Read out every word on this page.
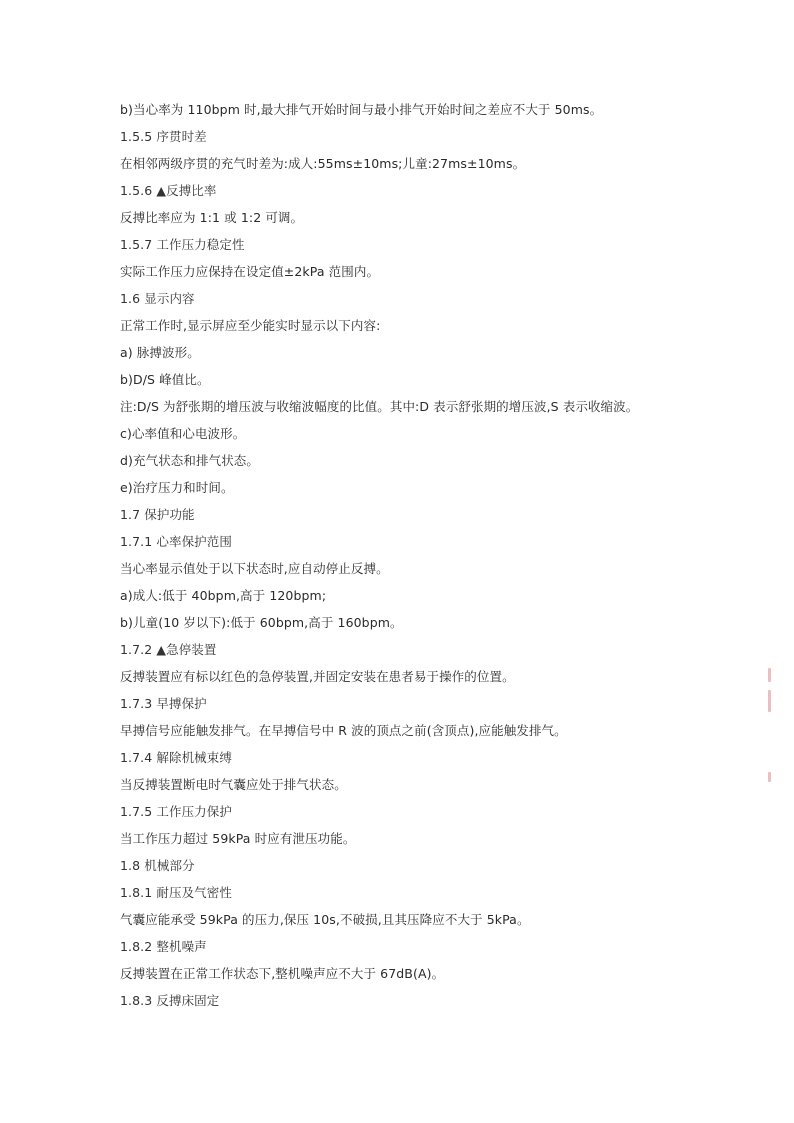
b)当心率为 110bpm 时,最大排气开始时间与最小排气开始时间之差应不大于 50ms。
1.5.5 序贯时差
在相邻两级序贯的充气时差为:成人:55ms±10ms;儿童:27ms±10ms。
1.5.6 ▲反搏比率
反搏比率应为 1:1 或 1:2 可调。
1.5.7 工作压力稳定性
实际工作压力应保持在设定值±2kPa 范围内。
1.6 显示内容
正常工作时,显示屏应至少能实时显示以下内容:
a) 脉搏波形。
b)D/S 峰值比。
注:D/S 为舒张期的增压波与收缩波幅度的比值。其中:D 表示舒张期的增压波,S 表示收缩波。
c)心率值和心电波形。
d)充气状态和排气状态。
e)治疗压力和时间。
1.7 保护功能
1.7.1 心率保护范围
当心率显示值处于以下状态时,应自动停止反搏。
a)成人:低于 40bpm,高于 120bpm;
b)儿童(10 岁以下):低于 60bpm,高于 160bpm。
1.7.2 ▲急停装置
反搏装置应有标以红色的急停装置,并固定安装在患者易于操作的位置。
1.7.3 早搏保护
早搏信号应能触发排气。在早搏信号中 R 波的顶点之前(含顶点),应能触发排气。
1.7.4 解除机械束缚
当反搏装置断电时气囊应处于排气状态。
1.7.5 工作压力保护
当工作压力超过 59kPa 时应有泄压功能。
1.8 机械部分
1.8.1 耐压及气密性
气囊应能承受 59kPa 的压力,保压 10s,不破损,且其压降应不大于 5kPa。
1.8.2 整机噪声
反搏装置在正常工作状态下,整机噪声应不大于 67dB(A)。
1.8.3 反搏床固定
